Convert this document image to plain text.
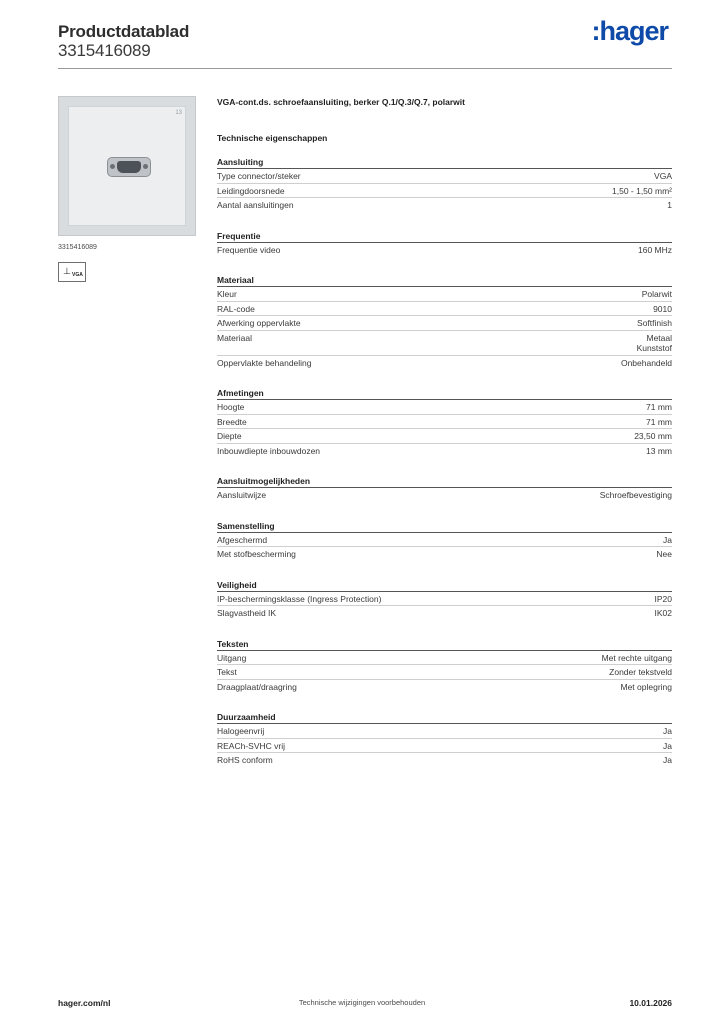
Productdatablad
3315416089
:hager
13
3315416089
⊥ VGA
VGA-cont.ds. schroefaansluiting, berker Q.1/Q.3/Q.7, polarwit
Technische eigenschappen
Aansluiting
Type connector/steker	VGA
Leidingdoorsnede	1,50 - 1,50 mm²
Aantal aansluitingen	1
Frequentie
Frequentie video	160 MHz
Materiaal
Kleur	Polarwit
RAL-code	9010
Afwerking oppervlakte	Softfinish
Materiaal	Metaal
Kunststof
Oppervlakte behandeling	Onbehandeld
Afmetingen
Hoogte	71 mm
Breedte	71 mm
Diepte	23,50 mm
Inbouwdiepte inbouwdozen	13 mm
Aansluitmogelijkheden
Aansluitwijze	Schroefbevestiging
Samenstelling
Afgeschermd	Ja
Met stofbescherming	Nee
Veiligheid
IP-beschermingsklasse (Ingress Protection)	IP20
Slagvastheid IK	IK02
Teksten
Uitgang	Met rechte uitgang
Tekst	Zonder tekstveld
Draagplaat/draagring	Met oplegring
Duurzaamheid
Halogeenvrij	Ja
REACh-SVHC vrij	Ja
RoHS conform	Ja
hager.com/nl	Technische wijzigingen voorbehouden	10.01.2026
